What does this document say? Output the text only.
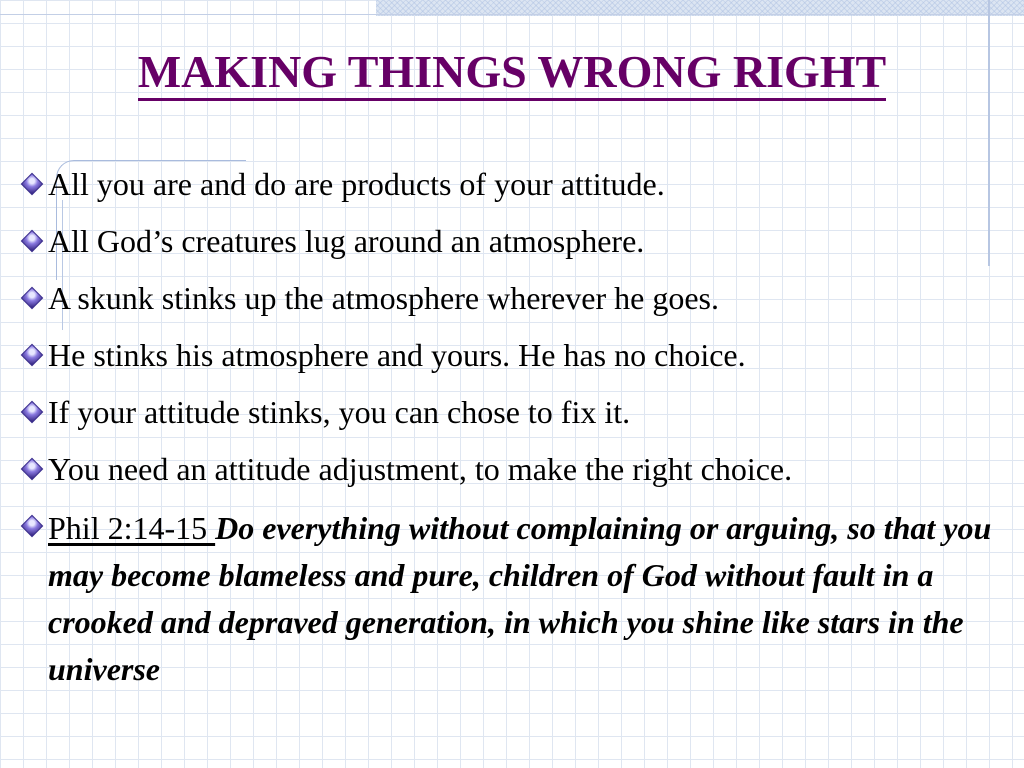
MAKING THINGS WRONG RIGHT
All you are and do are products of your attitude.
All God’s creatures lug around an atmosphere.
A skunk stinks up the atmosphere wherever he goes.
He stinks his atmosphere and yours. He has no choice.
If your attitude stinks, you can chose to fix it.
You need an attitude adjustment, to make the right choice.
Phil 2:14-15 Do everything without complaining or arguing, so that you may become blameless and pure, children of God without fault in a crooked and depraved generation, in which you shine like stars in the universe
